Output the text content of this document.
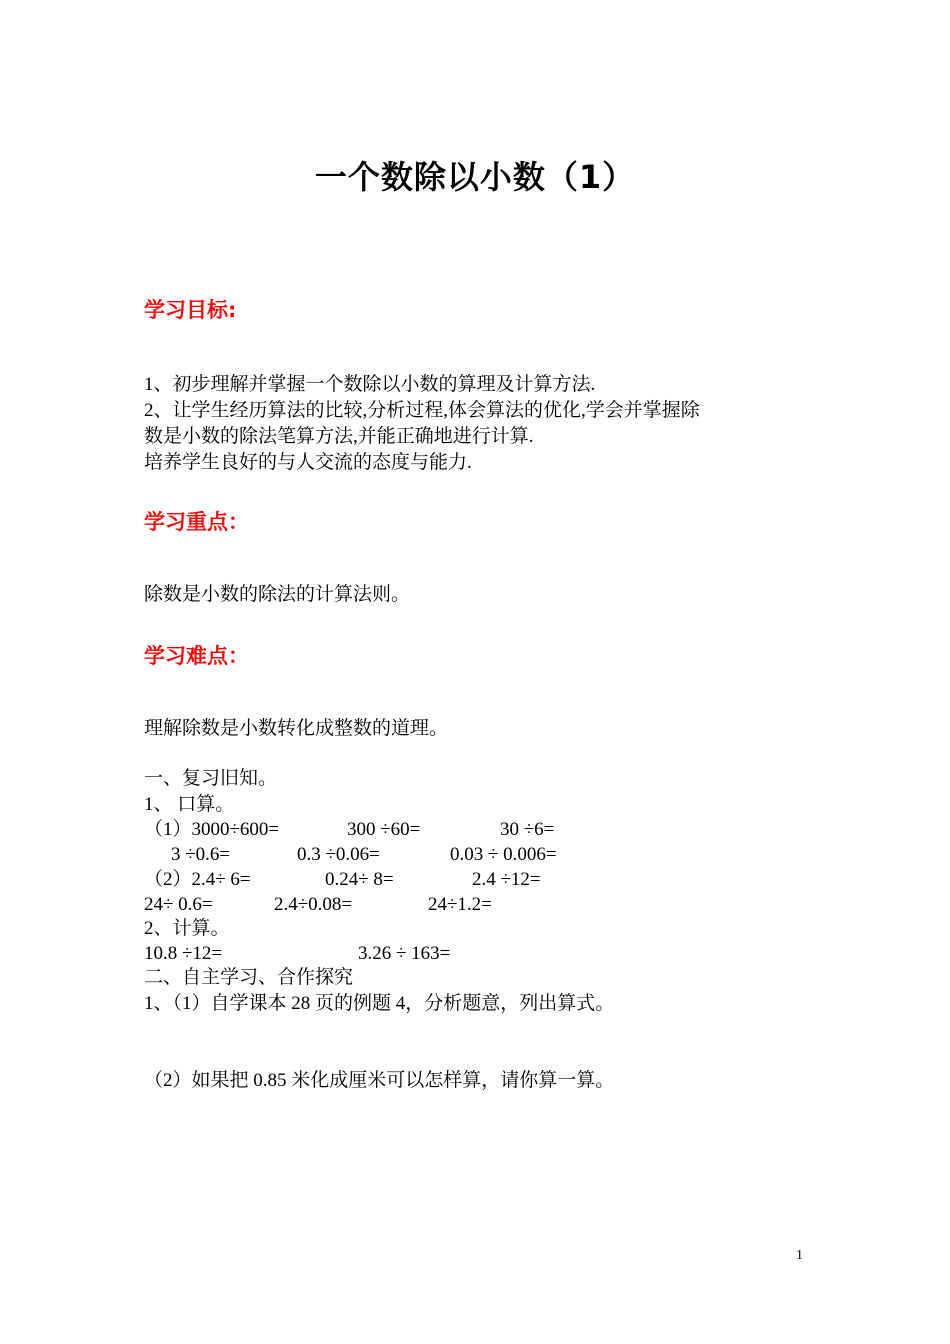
一个数除以小数（1）
学习目标:
1、初步理解并掌握一个数除以小数的算理及计算方法.
2、让学生经历算法的比较,分析过程,体会算法的优化,学会并掌握除
数是小数的除法笔算方法,并能正确地进行计算.
培养学生良好的与人交流的态度与能力.
学习重点：
除数是小数的除法的计算法则。
学习难点：
理解除数是小数转化成整数的道理。
一、复习旧知。
1、 口算。
（1）3000÷600=	300 ÷60=	30 ÷6=
3 ÷0.6=	0.3 ÷0.06=	0.03 ÷ 0.006=
（2）2.4÷ 6=	0.24÷ 8=	2.4 ÷12=
24÷ 0.6=	2.4÷0.08=	24÷1.2=
2、计算。
10.8 ÷12=	3.26 ÷ 163=
二、自主学习、合作探究
1、（1）自学课本 28 页的例题 4，分析题意，列出算式。
（2）如果把 0.85 米化成厘米可以怎样算，请你算一算。
1
